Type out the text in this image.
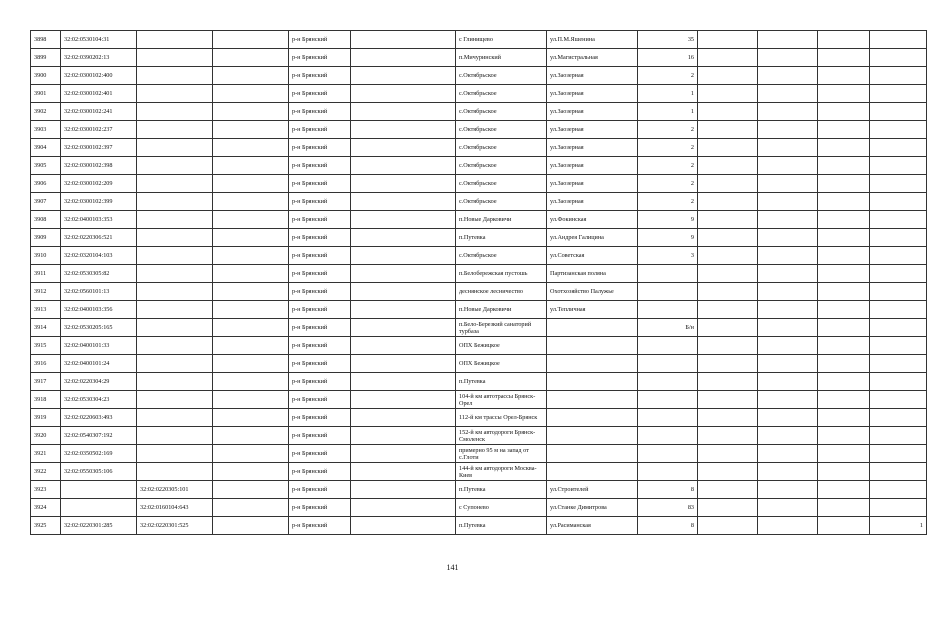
3898	32:02:0530104:31			р-н Брянский		с Глинищево	ул.П.М.Яшенина	35				
3899	32:02:0390202:13			р-н Брянский		п.Мичуринский	ул.Магистральная	16				
3900	32:02:0300102:400			р-н Брянский		с.Октябрьское	ул.Заозерная	2				
3901	32:02:0300102:401			р-н Брянский		с.Октябрьское	ул.Заозерная	1				
3902	32:02:0300102:241			р-н Брянский		с.Октябрьское	ул.Заозерная	1				
3903	32:02:0300102:237			р-н Брянский		с.Октябрьское	ул.Заозерная	2				
3904	32:02:0300102:397			р-н Брянский		с.Октябрьское	ул.Заозерная	2				
3905	32:02:0300102:398			р-н Брянский		с.Октябрьское	ул.Заозерная	2				
3906	32:02:0300102:209			р-н Брянский		с.Октябрьское	ул.Заозерная	2				
3907	32:02:0300102:399			р-н Брянский		с.Октябрьское	ул.Заозерная	2				
3908	32:02:0400103:353			р-н Брянский		п.Новые Дарковичи	ул.Фокинская	9				
3909	32:02:0220306:521			р-н Брянский		п.Путевка	ул.Андрея Галицина	9				
3910	32:02:0320104:103			р-н Брянский		с.Октябрьское	ул.Советская	3				
3911	32:02:0530305:82			р-н Брянский		п.Белобережская пустошь	Партизанская поляна					
3912	32:02:0560101:13			р-н Брянский		деснянское лесничество	Охотхозяйство Палужье					
3913	32:02:0400103:356			р-н Брянский		п.Новые Дарковичи	ул.Тепличная					
3914	32:02:0530205:165			р-н Брянский		п.Бело-Березкий санаторий турбаза		Б/н				
3915	32:02:0400101:33			р-н Брянский		ОПХ Бежицкое						
3916	32:02:0400101:24			р-н Брянский		ОПХ Бежицкое						
3917	32:02:0220304:29			р-н Брянский		п.Путевка						
3918	32:02:0530304:23			р-н Брянский		104-й км автотрассы Брянск-Орел						
3919	32:02:0220603:493			р-н Брянский		112-й км трассы Орел-Брянск						
3920	32:02:0540307:192			р-н Брянский		152-й км автодороги Брянск-Смоленск						
3921	32:02:0350502:169			р-н Брянский		примерно 95 м на запад от с.Глоти						
3922	32:02:0550305:106			р-н Брянский		144-й км автодороги Москва-Киев						
3923		32:02:0220305:101		р-н Брянский		п.Путевка	ул.Строителей	8				
3924		32:02:0160104:643		р-н Брянский		с Супонево	ул.Станке Димитрова	83				
3925	32:02:0220301:285	32:02:0220301:525		р-н Брянский		п.Путевка	ул.Расиманская	8				1
141
